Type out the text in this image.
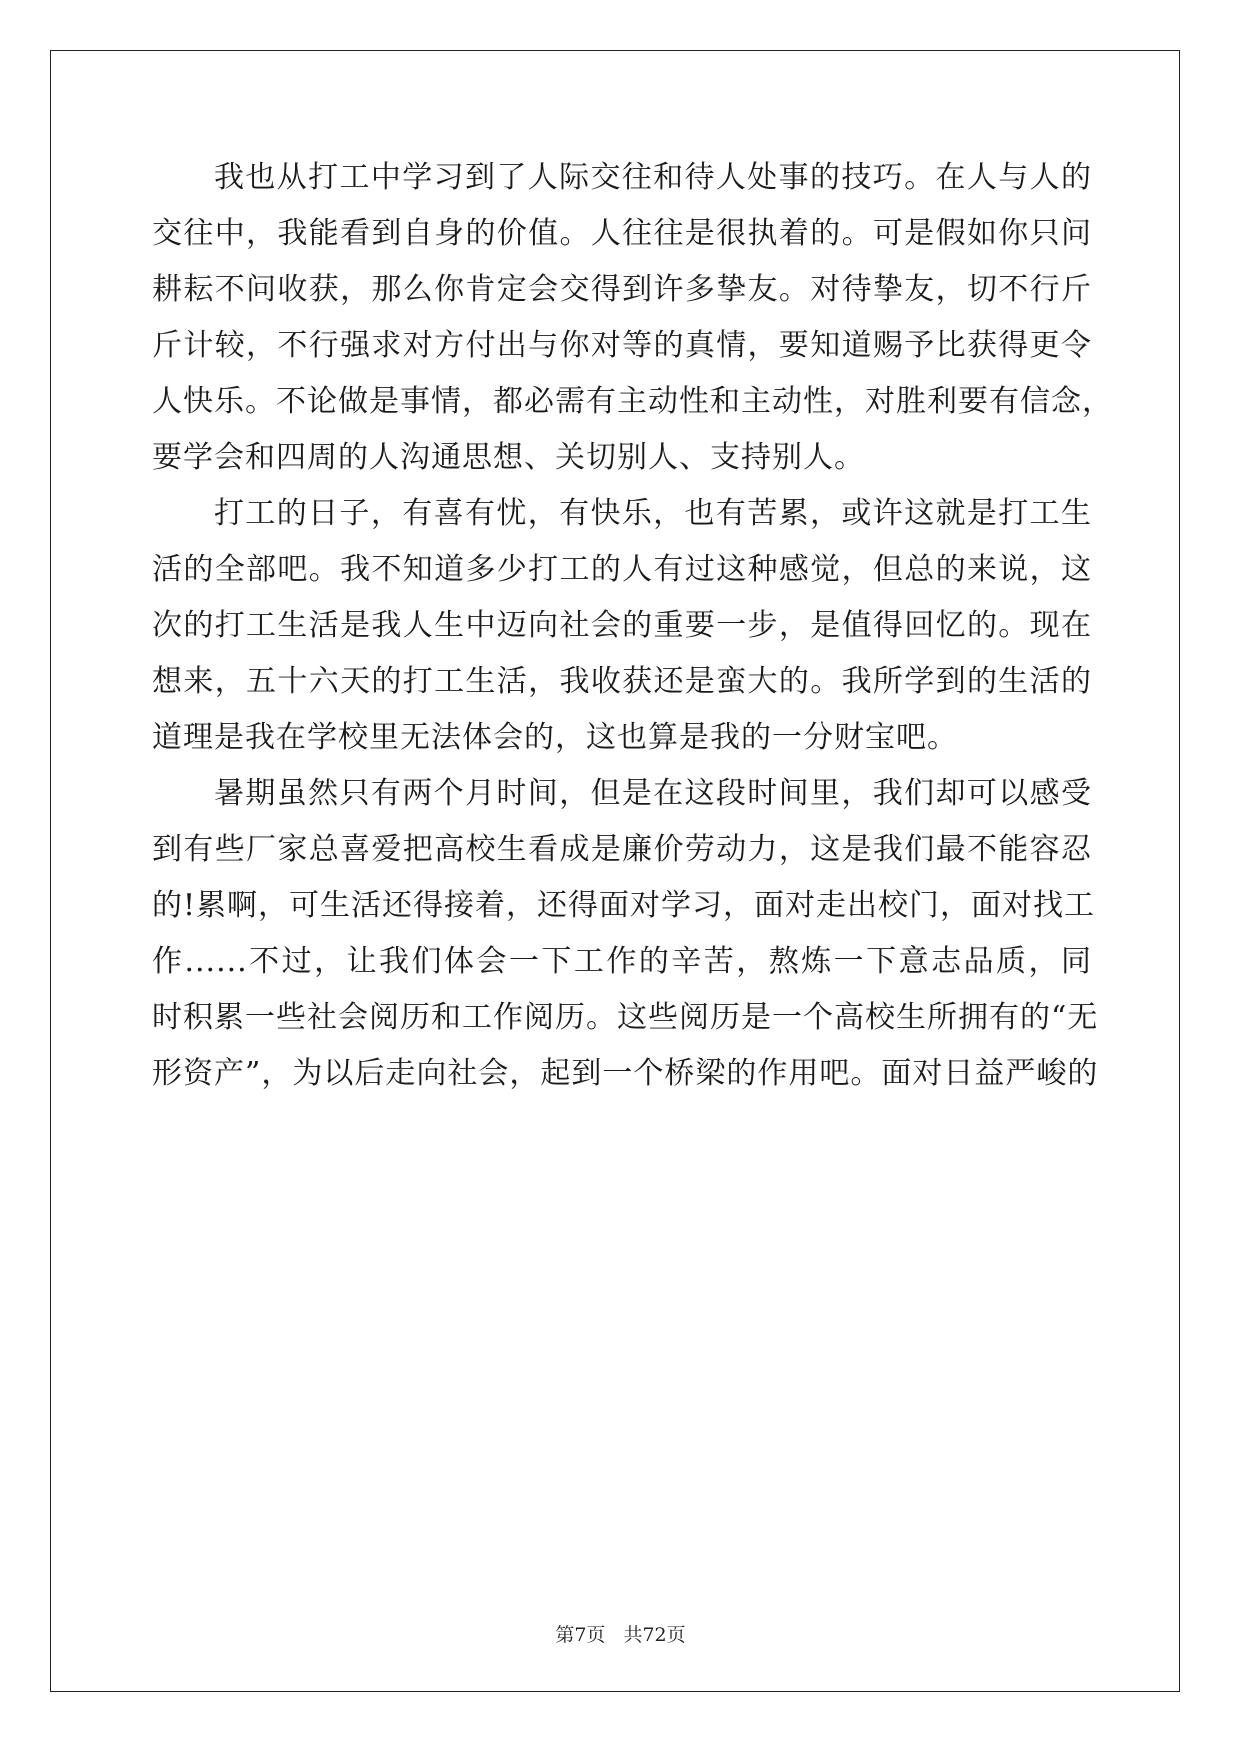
我也从打工中学习到了人际交往和待人处事的技巧。在人与人的
交往中，我能看到自身的价值。人往往是很执着的。可是假如你只问
耕耘不问收获，那么你肯定会交得到许多挚友。对待挚友，切不行斤
斤计较，不行强求对方付出与你对等的真情，要知道赐予比获得更令
人快乐。不论做是事情，都必需有主动性和主动性，对胜利要有信念，
要学会和四周的人沟通思想、关切别人、支持别人。
打工的日子，有喜有忧，有快乐，也有苦累，或许这就是打工生
活的全部吧。我不知道多少打工的人有过这种感觉，但总的来说，这
次的打工生活是我人生中迈向社会的重要一步，是值得回忆的。现在
想来，五十六天的打工生活，我收获还是蛮大的。我所学到的生活的
道理是我在学校里无法体会的，这也算是我的一分财宝吧。
暑期虽然只有两个月时间，但是在这段时间里，我们却可以感受
到有些厂家总喜爱把高校生看成是廉价劳动力，这是我们最不能容忍
的!累啊，可生活还得接着，还得面对学习，面对走出校门，面对找工
作......不过，让我们体会一下工作的辛苦，熬炼一下意志品质，同
时积累一些社会阅历和工作阅历。这些阅历是一个高校生所拥有的“无
形资产”，为以后走向社会，起到一个桥梁的作用吧。面对日益严峻的
第7页 共72页
